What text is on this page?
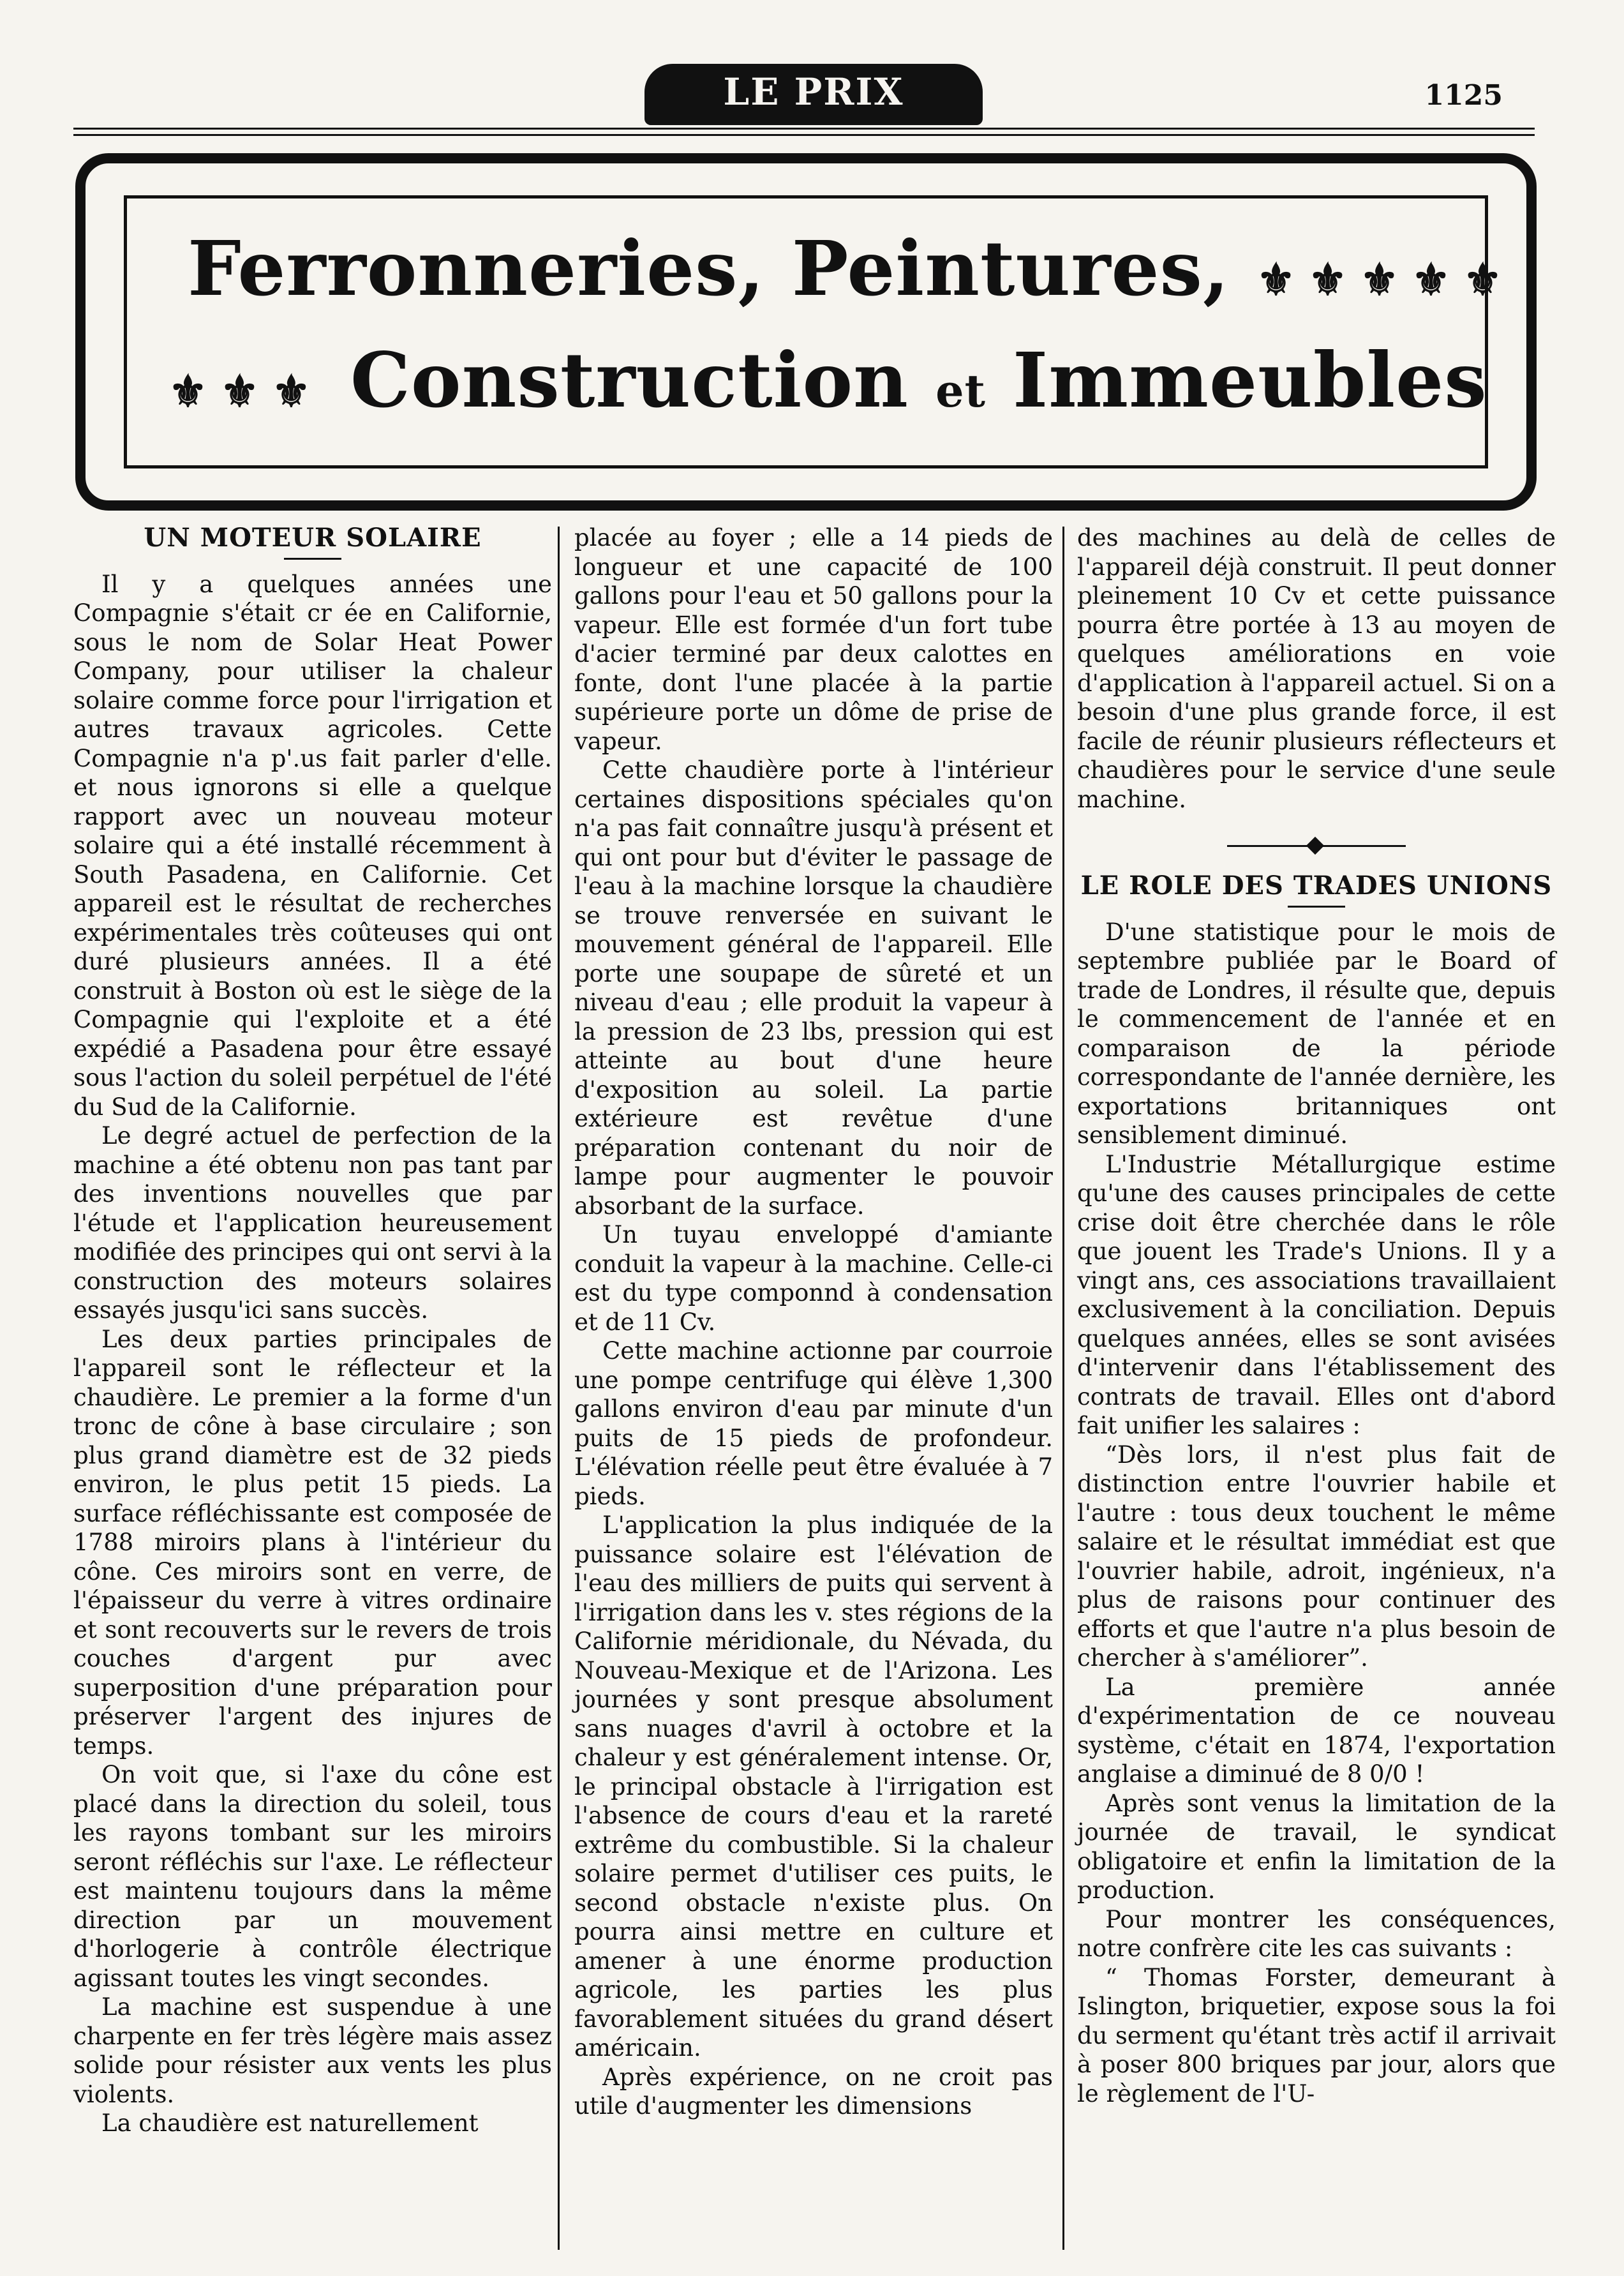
LE PRIX COURANT
1125
Ferronneries, Peintures, ⚜⚜⚜⚜⚜
⚜⚜⚜ Construction et Immeubles
UN MOTEUR SOLAIRE

Il y a quelques années une Compagnie s'était cr ée en Californie, sous le nom de Solar Heat Power Company, pour utiliser la chaleur solaire comme force pour l'irrigation et autres travaux agricoles. Cette Compagnie n'a p'.us fait parler d'elle. et nous ignorons si elle a quelque rapport avec un nouveau moteur solaire qui a été installé récemment à South Pasadena, en Californie. Cet appareil est le résultat de recherches expérimentales très coûteuses qui ont duré plusieurs années. Il a été construit à Boston où est le siège de la Compagnie qui l'exploite et a été expédié a Pasadena pour être essayé sous l'action du soleil perpétuel de l'été du Sud de la Californie.

Le degré actuel de perfection de la machine a été obtenu non pas tant par des inventions nouvelles que par l'étude et l'application heureusement modifiée des principes qui ont servi à la construction des moteurs solaires essayés jusqu'ici sans succès.

Les deux parties principales de l'appareil sont le réflecteur et la chaudière. Le premier a la forme d'un tronc de cône à base circulaire ; son plus grand diamètre est de 32 pieds environ, le plus petit 15 pieds. La surface réfléchissante est composée de 1788 miroirs plans à l'intérieur du cône. Ces miroirs sont en verre, de l'épaisseur du verre à vitres ordinaire et sont recouverts sur le revers de trois couches d'argent pur avec superposition d'une préparation pour préserver l'argent des injures de temps.

On voit que, si l'axe du cône est placé dans la direction du soleil, tous les rayons tombant sur les miroirs seront réfléchis sur l'axe. Le réflecteur est maintenu toujours dans la même direction par un mouvement d'horlogerie à contrôle électrique agissant toutes les vingt secondes.

La machine est suspendue à une charpente en fer très légère mais assez solide pour résister aux vents les plus violents.

La chaudière est naturellement

placée au foyer ; elle a 14 pieds de longueur et une capacité de 100 gallons pour l'eau et 50 gallons pour la vapeur. Elle est formée d'un fort tube d'acier terminé par deux calottes en fonte, dont l'une placée à la partie supérieure porte un dôme de prise de vapeur.

Cette chaudière porte à l'intérieur certaines dispositions spéciales qu'on n'a pas fait connaître jusqu'à présent et qui ont pour but d'éviter le passage de l'eau à la machine lorsque la chaudière se trouve renversée en suivant le mouvement général de l'appareil. Elle porte une soupape de sûreté et un niveau d'eau ; elle produit la vapeur à la pression de 23 lbs, pression qui est atteinte au bout d'une heure d'exposition au soleil. La partie extérieure est revêtue d'une préparation contenant du noir de lampe pour augmenter le pouvoir absorbant de la surface.

Un tuyau enveloppé d'amiante conduit la vapeur à la machine. Celle-ci est du type componnd à condensation et de 11 Cv.

Cette machine actionne par courroie une pompe centrifuge qui élève 1,300 gallons environ d'eau par minute d'un puits de 15 pieds de profondeur. L'élévation réelle peut être évaluée à 7 pieds.

L'application la plus indiquée de la puissance solaire est l'élévation de l'eau des milliers de puits qui servent à l'irrigation dans les v. stes régions de la Californie méridionale, du Névada, du Nouveau-Mexique et de l'Arizona. Les journées y sont presque absolument sans nuages d'avril à octobre et la chaleur y est généralement intense. Or, le principal obstacle à l'irrigation est l'absence de cours d'eau et la rareté extrême du combustible. Si la chaleur solaire permet d'utiliser ces puits, le second obstacle n'existe plus. On pourra ainsi mettre en culture et amener à une énorme production agricole, les parties les plus favorablement situées du grand désert américain.

Après expérience, on ne croit pas utile d'augmenter les dimensions

des machines au delà de celles de l'appareil déjà construit. Il peut donner pleinement 10 Cv et cette puissance pourra être portée à 13 au moyen de quelques améliorations en voie d'application à l'appareil actuel. Si on a besoin d'une plus grande force, il est facile de réunir plusieurs réflecteurs et chaudières pour le service d'une seule machine.

LE ROLE DES TRADES UNIONS

D'une statistique pour le mois de septembre publiée par le Board of trade de Londres, il résulte que, depuis le commencement de l'année et en comparaison de la période correspondante de l'année dernière, les exportations britanniques ont sensiblement diminué.

L'Industrie Métallurgique estime qu'une des causes principales de cette crise doit être cherchée dans le rôle que jouent les Trade's Unions. Il y a vingt ans, ces associations travaillaient exclusivement à la conciliation. Depuis quelques années, elles se sont avisées d'intervenir dans l'établissement des contrats de travail. Elles ont d'abord fait unifier les salaires :

“Dès lors, il n'est plus fait de distinction entre l'ouvrier habile et l'autre : tous deux touchent le même salaire et le résultat immédiat est que l'ouvrier habile, adroit, ingénieux, n'a plus de raisons pour continuer des efforts et que l'autre n'a plus besoin de chercher à s'améliorer”.

La première année d'expérimentation de ce nouveau système, c'était en 1874, l'exportation anglaise a diminué de 8 0/0 !

Après sont venus la limitation de la journée de travail, le syndicat obligatoire et enfin la limitation de la production.

Pour montrer les conséquences, notre confrère cite les cas suivants :

“ Thomas Forster, demeurant à Islington, briquetier, expose sous la foi du serment qu'étant très actif il arrivait à poser 800 briques par jour, alors que le règlement de l'U-
